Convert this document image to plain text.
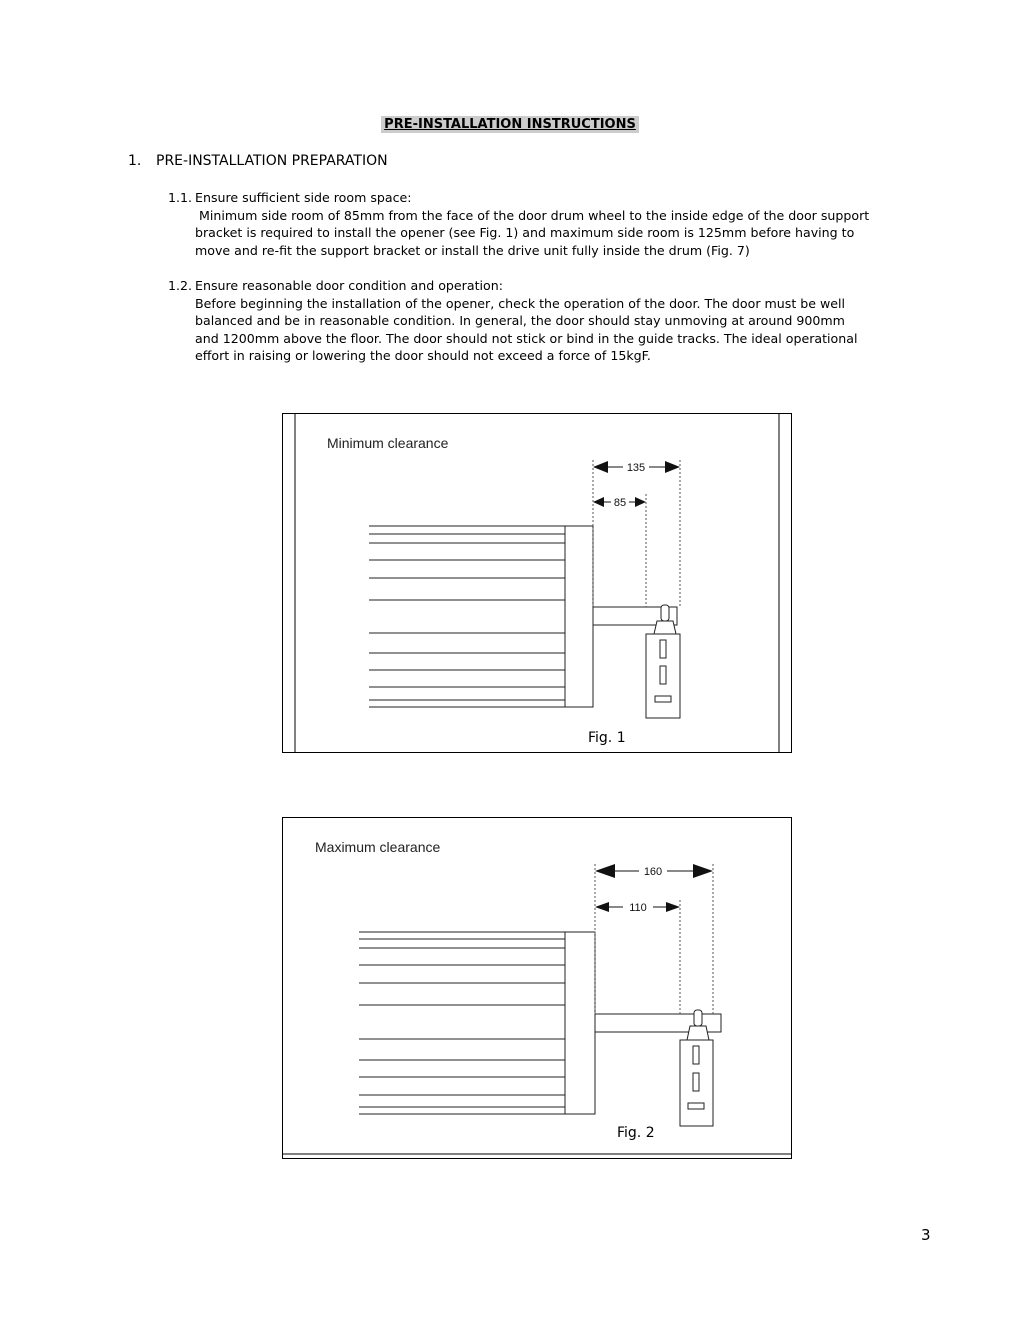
PRE-INSTALLATION INSTRUCTIONS
1. PRE-INSTALLATION PREPARATION
1.1. Ensure sufficient side room space:
Minimum side room of 85mm from the face of the door drum wheel to the inside edge of the door support
bracket is required to install the opener (see Fig. 1) and maximum side room is 125mm before having to
move and re-fit the support bracket or install the drive unit fully inside the drum (Fig. 7)
1.2. Ensure reasonable door condition and operation:
Before beginning the installation of the opener, check the operation of the door. The door must be well
balanced and be in reasonable condition. In general, the door should stay unmoving at around 900mm
and 1200mm above the floor. The door should not stick or bind in the guide tracks. The ideal operational
effort in raising or lowering the door should not exceed a force of 15kgF.
Minimum clearance
135
85
Fig. 1
Maximum clearance
160
110
Fig. 2
3
